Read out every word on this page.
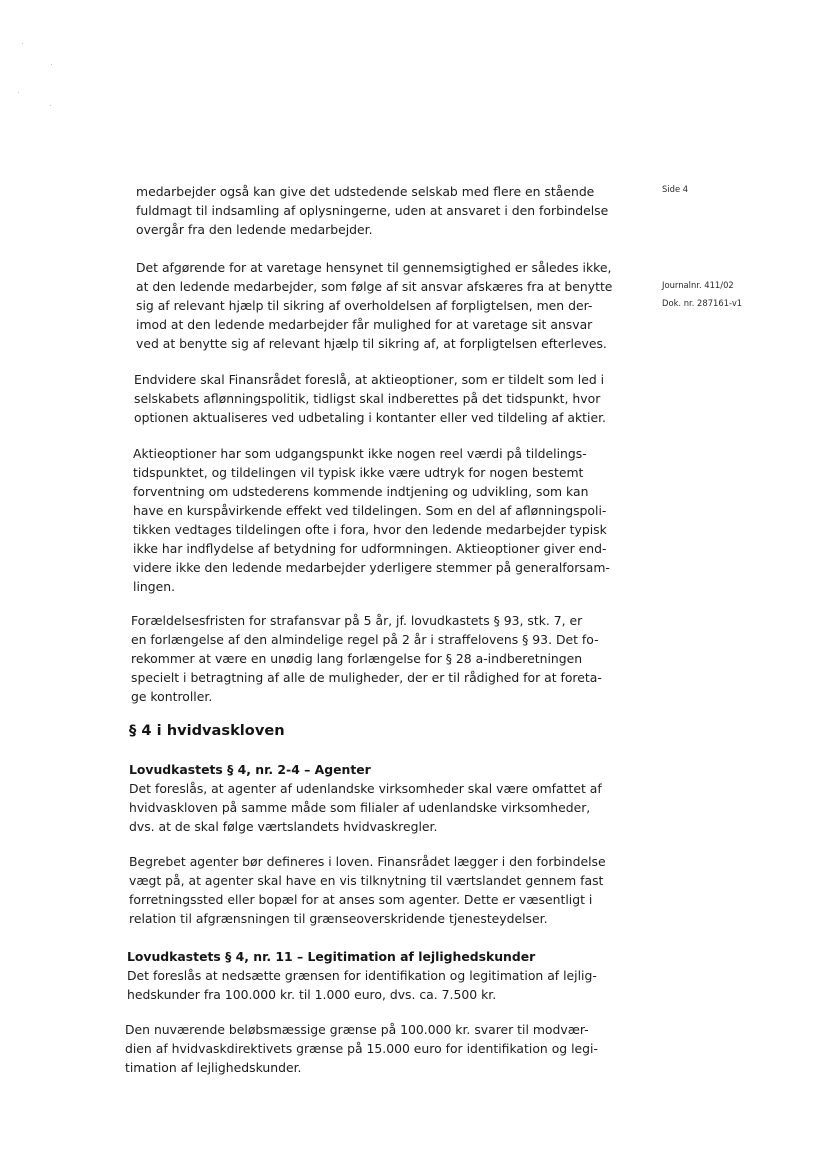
Side 4
Journalnr. 411/02
Dok. nr. 287161-v1
medarbejder også kan give det udstedende selskab med flere en stående
fuldmagt til indsamling af oplysningerne, uden at ansvaret i den forbindelse
overgår fra den ledende medarbejder.
Det afgørende for at varetage hensynet til gennemsigtighed er således ikke,
at den ledende medarbejder, som følge af sit ansvar afskæres fra at benytte
sig af relevant hjælp til sikring af overholdelsen af forpligtelsen, men der-
imod at den ledende medarbejder får mulighed for at varetage sit ansvar
ved at benytte sig af relevant hjælp til sikring af, at forpligtelsen efterleves.
Endvidere skal Finansrådet foreslå, at aktieoptioner, som er tildelt som led i
selskabets aflønningspolitik, tidligst skal indberettes på det tidspunkt, hvor
optionen aktualiseres ved udbetaling i kontanter eller ved tildeling af aktier.
Aktieoptioner har som udgangspunkt ikke nogen reel værdi på tildelings-
tidspunktet, og tildelingen vil typisk ikke være udtryk for nogen bestemt
forventning om udstederens kommende indtjening og udvikling, som kan
have en kurspåvirkende effekt ved tildelingen. Som en del af aflønningspoli-
tikken vedtages tildelingen ofte i fora, hvor den ledende medarbejder typisk
ikke har indflydelse af betydning for udformningen. Aktieoptioner giver end-
videre ikke den ledende medarbejder yderligere stemmer på generalforsam-
lingen.
Forældelsesfristen for strafansvar på 5 år, jf. lovudkastets § 93, stk. 7, er
en forlængelse af den almindelige regel på 2 år i straffelovens § 93. Det fo-
rekommer at være en unødig lang forlængelse for § 28 a-indberetningen
specielt i betragtning af alle de muligheder, der er til rådighed for at foreta-
ge kontroller.
§ 4 i hvidvaskloven
Lovudkastets § 4, nr. 2-4 – Agenter
Det foreslås, at agenter af udenlandske virksomheder skal være omfattet af
hvidvaskloven på samme måde som filialer af udenlandske virksomheder,
dvs. at de skal følge værtslandets hvidvaskregler.
Begrebet agenter bør defineres i loven. Finansrådet lægger i den forbindelse
vægt på, at agenter skal have en vis tilknytning til værtslandet gennem fast
forretningssted eller bopæl for at anses som agenter. Dette er væsentligt i
relation til afgrænsningen til grænseoverskridende tjenesteydelser.
Lovudkastets § 4, nr. 11 – Legitimation af lejlighedskunder
Det foreslås at nedsætte grænsen for identifikation og legitimation af lejlig-
hedskunder fra 100.000 kr. til 1.000 euro, dvs. ca. 7.500 kr.
Den nuværende beløbsmæssige grænse på 100.000 kr. svarer til modvær-
dien af hvidvaskdirektivets grænse på 15.000 euro for identifikation og legi-
timation af lejlighedskunder.
